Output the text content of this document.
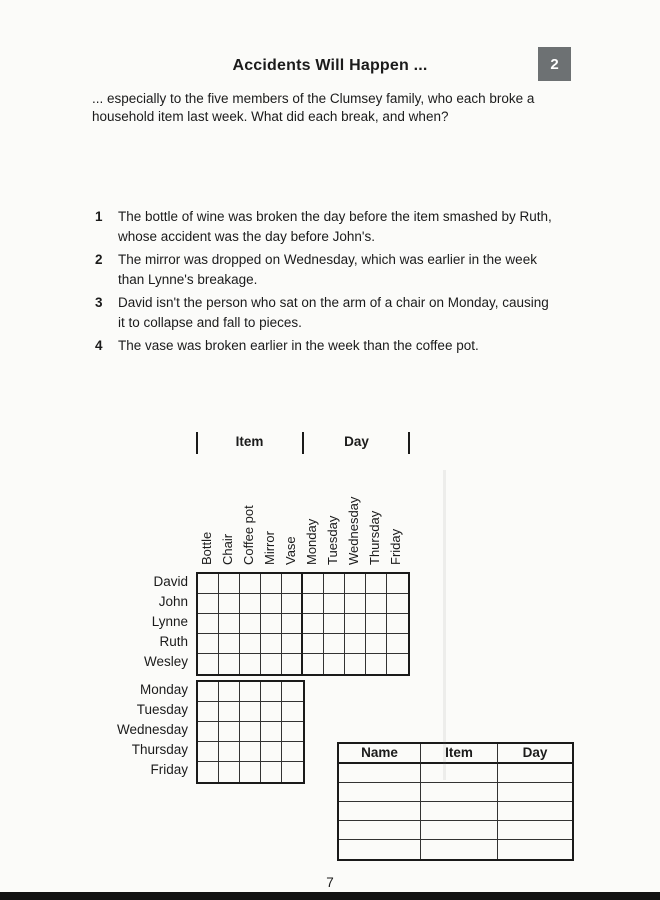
Accidents Will Happen ...	2
... especially to the five members of the Clumsey family, who each broke a household item last week. What did each break, and when?
1	The bottle of wine was broken the day before the item smashed by Ruth, whose accident was the day before John's.
2	The mirror was dropped on Wednesday, which was earlier in the week than Lynne's breakage.
3	David isn't the person who sat on the arm of a chair on Monday, causing it to collapse and fall to pieces.
4	The vase was broken earlier in the week than the coffee pot.
Item	Day
Bottle Chair Coffee pot Mirror Vase Monday Tuesday Wednesday Thursday Friday
David
John
Lynne
Ruth
Wesley
Monday
Tuesday
Wednesday
Thursday
Friday
Name	Item	Day
7
